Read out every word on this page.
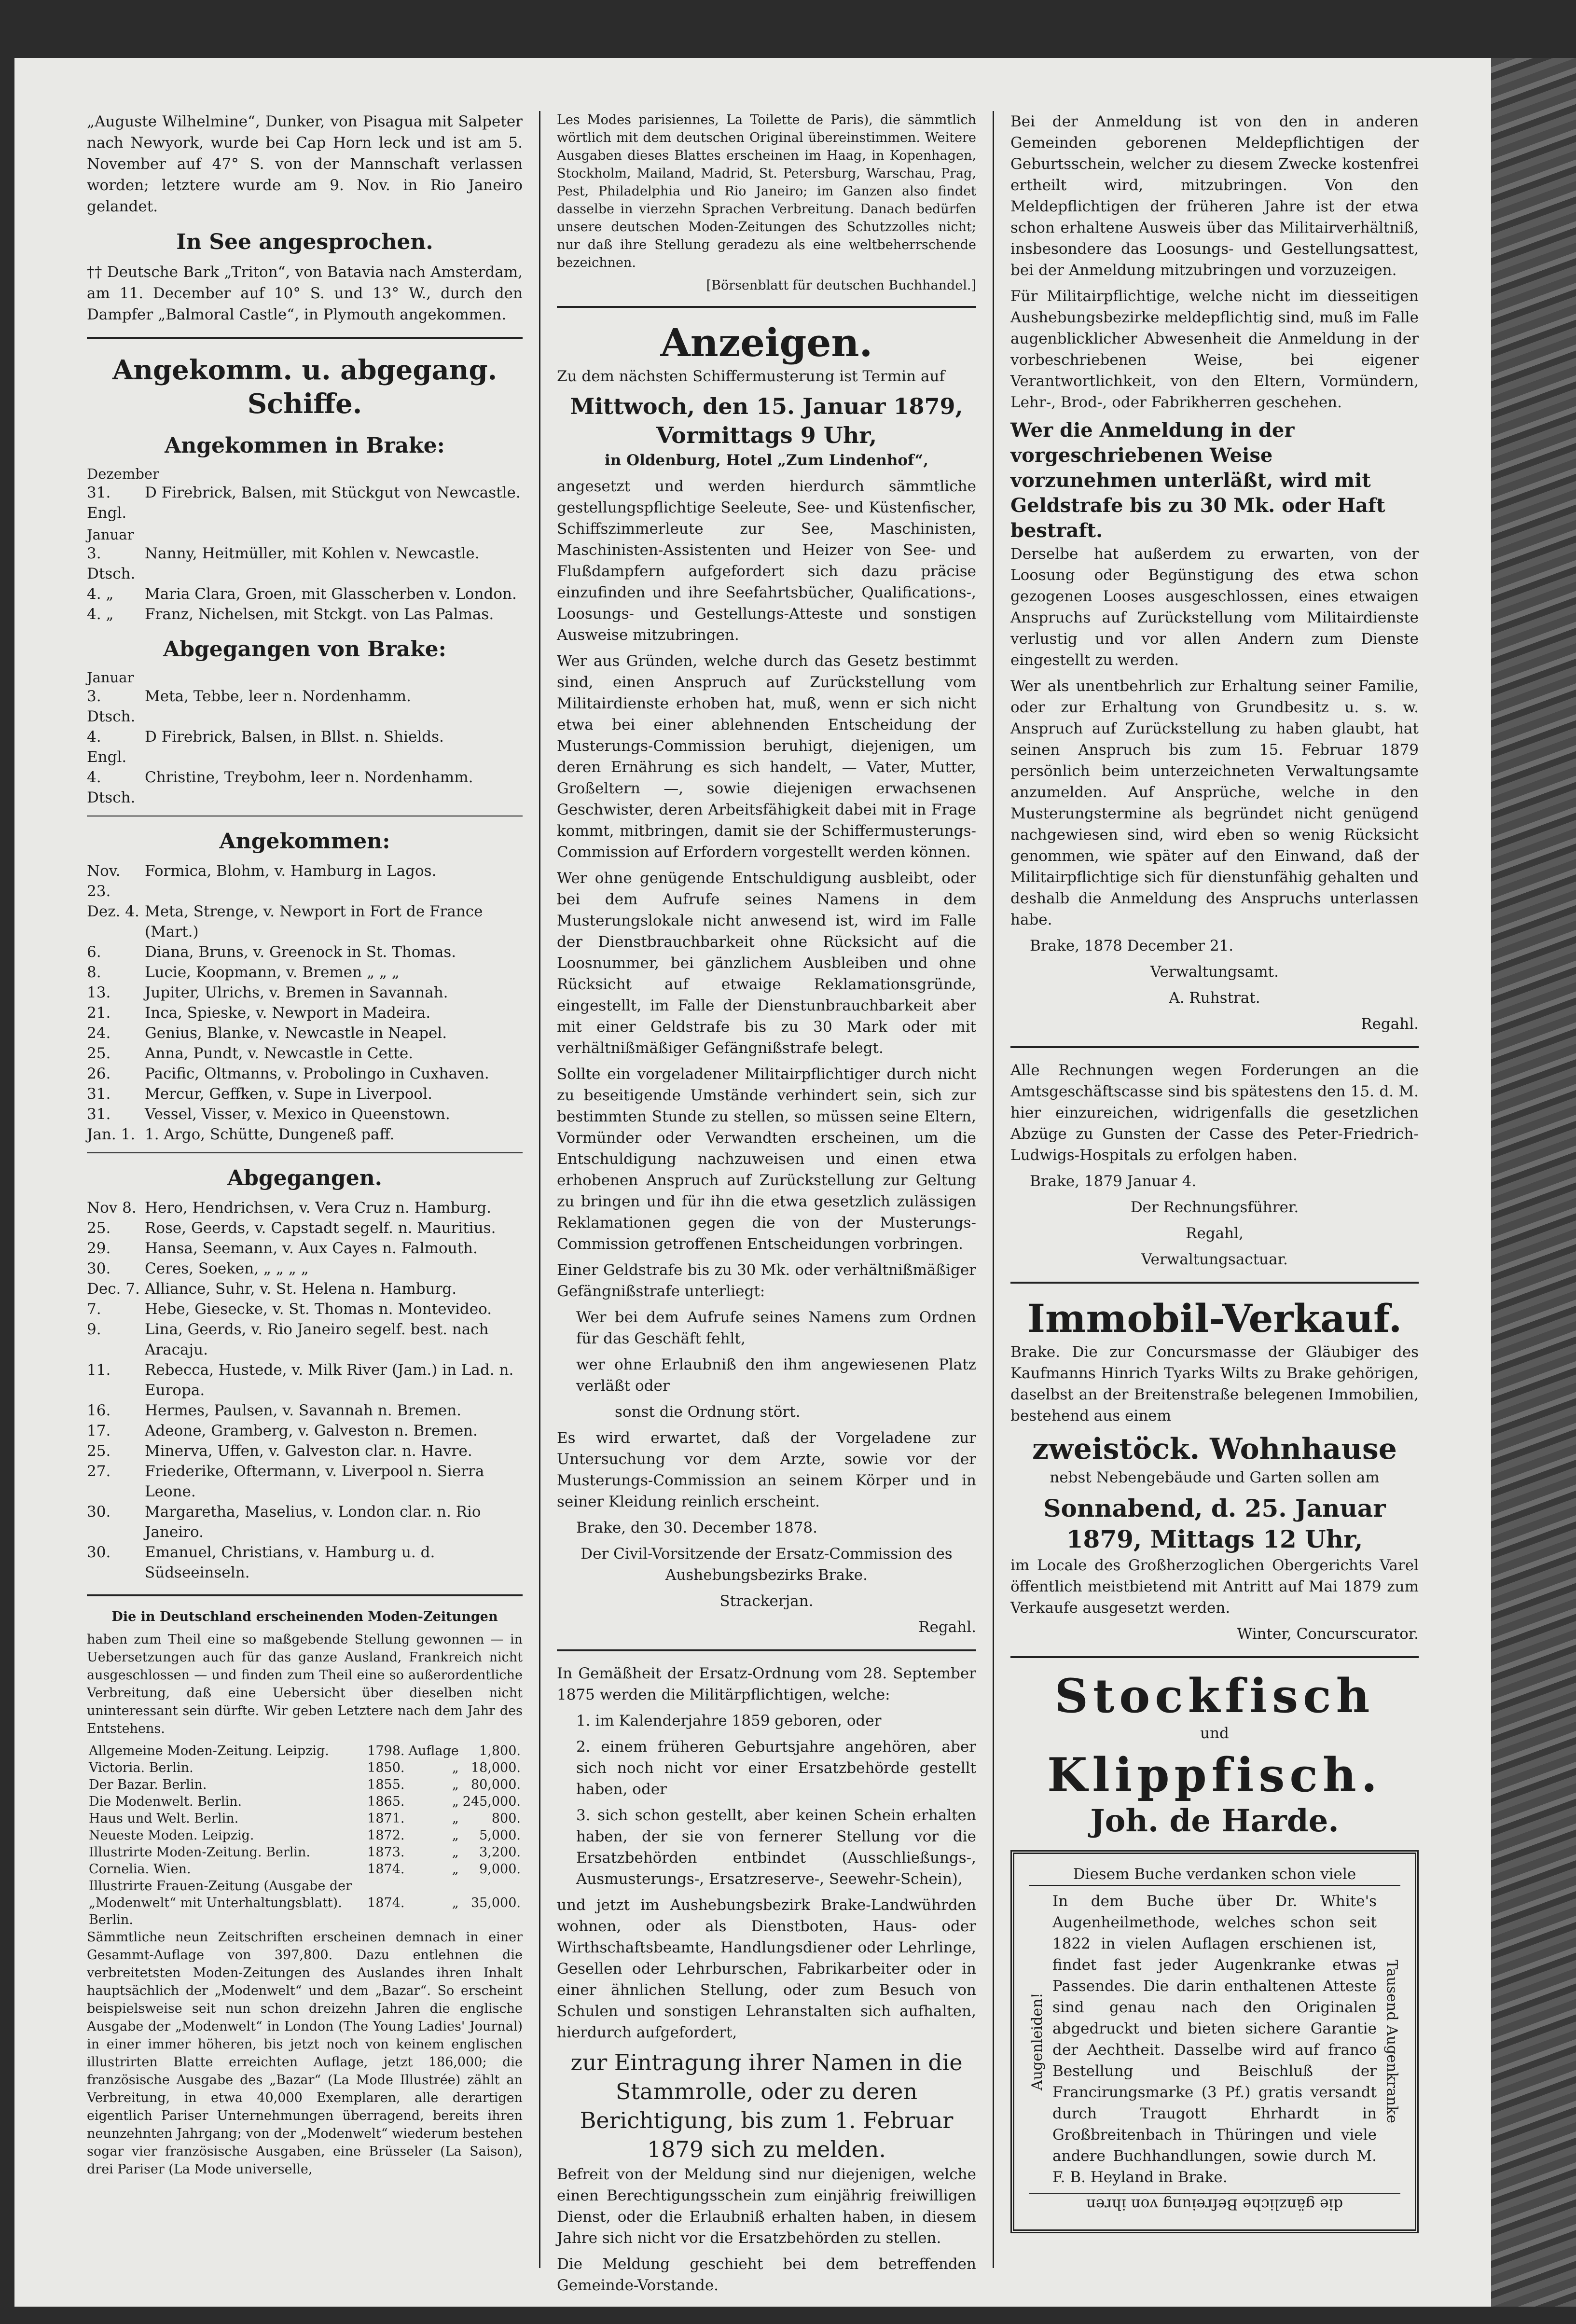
„Auguste Wilhelmine“, Dunker, von Pisagua mit Salpeter nach Newyork, wurde bei Cap Horn leck und ist am 5. November auf 47° S. von der Mannschaft verlassen worden; letztere wurde am 9. Nov. in Rio Janeiro gelandet.

In See angesprochen.

†† Deutsche Bark „Triton“, von Batavia nach Amsterdam, am 11. December auf 10° S. und 13° W., durch den Dampfer „Balmoral Castle“, in Plymouth angekommen.

Angekomm. u. abgegang. Schiffe.
Angekommen in Brake:
Dezember
31. Engl.
D Firebrick, Balsen, mit Stückgut von Newcastle.
Januar
3. Dtsch.
Nanny, Heitmüller, mit Kohlen v. Newcastle.
4. „	Maria Clara, Groen, mit Glasscherben v. London.
4. „	Franz, Nichelsen, mit Stckgt. von Las Palmas.
Abgegangen von Brake:
Januar
3. Dtsch.
Meta, Tebbe, leer n. Nordenhamm.
4. Engl.
D Firebrick, Balsen, in Bllst. n. Shields.
4. Dtsch.
Christine, Treybohm, leer n. Nordenhamm.
Angekommen:
Nov. 23.
Formica, Blohm, v. Hamburg in Lagos.
Dez. 4. Meta, Strenge, v. Newport in Fort de France (Mart.)
6.	Diana, Bruns, v. Greenock in St. Thomas.
8.	Lucie, Koopmann, v. Bremen „ „ „
13.	Jupiter, Ulrichs, v. Bremen in Savannah.
21.	Inca, Spieske, v. Newport in Madeira.
24.	Genius, Blanke, v. Newcastle in Neapel.
25.	Anna, Pundt, v. Newcastle in Cette.
26.	Pacific, Oltmanns, v. Probolingo in Cuxhaven.
31.	Mercur, Geffken, v. Supe in Liverpool.
31.	Vessel, Visser, v. Mexico in Queenstown.
Jan. 1. 1. Argo, Schütte, Dungeneß paff.
Abgegangen.
Nov 8. Hero, Hendrichsen, v. Vera Cruz n. Hamburg.
25.	Rose, Geerds, v. Capstadt segelf. n. Mauritius.
29.	Hansa, Seemann, v. Aux Cayes n. Falmouth.
30.	Ceres, Soeken, „ „ „ „
Dec. 7. Alliance, Suhr, v. St. Helena n. Hamburg.
7.	Hebe, Giesecke, v. St. Thomas n. Montevideo.
9.	Lina, Geerds, v. Rio Janeiro segelf. best. nach Aracaju.
11.	Rebecca, Hustede, v. Milk River (Jam.) in Lad. n. Europa.
16.	Hermes, Paulsen, v. Savannah n. Bremen.
17.	Adeone, Gramberg, v. Galveston n. Bremen.
25.	Minerva, Uffen, v. Galveston clar. n. Havre.
27.	Friederike, Oftermann, v. Liverpool n. Sierra Leone.
30.	Margaretha, Maselius, v. London clar. n. Rio Janeiro.
30.	Emanuel, Christians, v. Hamburg u. d. Südseeinseln.

Die in Deutschland erscheinenden Moden-Zeitungen

haben zum Theil eine so maßgebende Stellung gewonnen — in Uebersetzungen auch für das ganze Ausland, Frankreich nicht ausgeschlossen — und finden zum Theil eine so außerordentliche Verbreitung, daß eine Uebersicht über dieselben nicht uninteressant sein dürfte. Wir geben Letztere nach dem Jahr des Entstehens.

Allgemeine Moden-Zeitung. Leipzig.	1798.	Auflage	1,800.
Victoria. Berlin.	1850.	„	18,000.
Der Bazar. Berlin.	1855.	„	80,000.
Die Modenwelt. Berlin.	1865.	„	245,000.
Haus und Welt. Berlin.	1871.	„	800.
Neueste Moden. Leipzig.	1872.	„	5,000.
Illustrirte Moden-Zeitung. Berlin.	1873.	„	3,200.
Cornelia. Wien.	1874.	„	9,000.
Illustrirte Frauen-Zeitung (Ausgabe der „Modenwelt“ mit Unterhaltungsblatt). Berlin.	1874.	„	35,000.

Sämmtliche neun Zeitschriften erscheinen demnach in einer Gesammt-Auflage von 397,800. Dazu entlehnen die verbreitetsten Moden-Zeitungen des Auslandes ihren Inhalt hauptsächlich der „Modenwelt“ und dem „Bazar“. So erscheint beispielsweise seit nun schon dreizehn Jahren die englische Ausgabe der „Modenwelt“ in London (The Young Ladies' Journal) in einer immer höheren, bis jetzt noch von keinem englischen illustrirten Blatte erreichten Auflage, jetzt 186,000; die französische Ausgabe des „Bazar“ (La Mode Illustrée) zählt an Verbreitung, in etwa 40,000 Exemplaren, alle derartigen eigentlich Pariser Unternehmungen überragend, bereits ihren neunzehnten Jahrgang; von der „Modenwelt“ wiederum bestehen sogar vier französische Ausgaben, eine Brüsseler (La Saison), drei Pariser (La Mode universelle,

Les Modes parisiennes, La Toilette de Paris), die sämmtlich wörtlich mit dem deutschen Original übereinstimmen. Weitere Ausgaben dieses Blattes erscheinen im Haag, in Kopenhagen, Stockholm, Mailand, Madrid, St. Petersburg, Warschau, Prag, Pest, Philadelphia und Rio Janeiro; im Ganzen also findet dasselbe in vierzehn Sprachen Verbreitung. Danach bedürfen unsere deutschen Moden-Zeitungen des Schutzzolles nicht; nur daß ihre Stellung geradezu als eine weltbeherrschende bezeichnen.

[Börsenblatt für deutschen Buchhandel.]

Anzeigen.

Zu dem nächsten Schiffermusterung ist Termin auf

Mittwoch, den 15. Januar 1879, Vormittags 9 Uhr,

in Oldenburg, Hotel „Zum Lindenhof“,

angesetzt und werden hierdurch sämmtliche gestellungspflichtige Seeleute, See- und Küstenfischer, Schiffszimmerleute zur See, Maschinisten, Maschinisten-Assistenten und Heizer von See- und Flußdampfern aufgefordert sich dazu präcise einzufinden und ihre Seefahrtsbücher, Qualifications-, Loosungs- und Gestellungs-Atteste und sonstigen Ausweise mitzubringen.

Wer aus Gründen, welche durch das Gesetz bestimmt sind, einen Anspruch auf Zurückstellung vom Militairdienste erhoben hat, muß, wenn er sich nicht etwa bei einer ablehnenden Entscheidung der Musterungs-Commission beruhigt, diejenigen, um deren Ernährung es sich handelt, — Vater, Mutter, Großeltern —, sowie diejenigen erwachsenen Geschwister, deren Arbeitsfähigkeit dabei mit in Frage kommt, mitbringen, damit sie der Schiffermusterungs-Commission auf Erfordern vorgestellt werden können.

Wer ohne genügende Entschuldigung ausbleibt, oder bei dem Aufrufe seines Namens in dem Musterungslokale nicht anwesend ist, wird im Falle der Dienstbrauchbarkeit ohne Rücksicht auf die Loosnummer, bei gänzlichem Ausbleiben und ohne Rücksicht auf etwaige Reklamationsgründe, eingestellt, im Falle der Dienstunbrauchbarkeit aber mit einer Geldstrafe bis zu 30 Mark oder mit verhältnißmäßiger Gefängnißstrafe belegt.

Sollte ein vorgeladener Militairpflichtiger durch nicht zu beseitigende Umstände verhindert sein, sich zur bestimmten Stunde zu stellen, so müssen seine Eltern, Vormünder oder Verwandten erscheinen, um die Entschuldigung nachzuweisen und einen etwa erhobenen Anspruch auf Zurückstellung zur Geltung zu bringen und für ihn die etwa gesetzlich zulässigen Reklamationen gegen die von der Musterungs-Commission getroffenen Entscheidungen vorbringen.

Einer Geldstrafe bis zu 30 Mk. oder verhältnißmäßiger Gefängnißstrafe unterliegt:

Wer bei dem Aufrufe seines Namens zum Ordnen für das Geschäft fehlt,

wer ohne Erlaubniß den ihm angewiesenen Platz verläßt oder

sonst die Ordnung stört.

Es wird erwartet, daß der Vorgeladene zur Untersuchung vor dem Arzte, sowie vor der Musterungs-Commission an seinem Körper und in seiner Kleidung reinlich erscheint.

Brake, den 30. December 1878.

Der Civil-Vorsitzende der Ersatz-Commission des Aushebungsbezirks Brake.

Strackerjan.

Regahl.

In Gemäßheit der Ersatz-Ordnung vom 28. September 1875 werden die Militärpflichtigen, welche:

1. im Kalenderjahre 1859 geboren, oder

2. einem früheren Geburtsjahre angehören, aber sich noch nicht vor einer Ersatzbehörde gestellt haben, oder

3. sich schon gestellt, aber keinen Schein erhalten haben, der sie von fernerer Stellung vor die Ersatzbehörden entbindet (Ausschließungs-, Ausmusterungs-, Ersatzreserve-, Seewehr-Schein),

und jetzt im Aushebungsbezirk Brake-Landwührden wohnen, oder als Dienstboten, Haus- oder Wirthschaftsbeamte, Handlungsdiener oder Lehrlinge, Gesellen oder Lehrburschen, Fabrikarbeiter oder in einer ähnlichen Stellung, oder zum Besuch von Schulen und sonstigen Lehranstalten sich aufhalten, hierdurch aufgefordert,

zur Eintragung ihrer Namen in die Stammrolle, oder zu deren Berichtigung, bis zum 1. Februar 1879 sich zu melden.

Befreit von der Meldung sind nur diejenigen, welche einen Berechtigungsschein zum einjährig freiwilligen Dienst, oder die Erlaubniß erhalten haben, in diesem Jahre sich nicht vor die Ersatzbehörden zu stellen.

Die Meldung geschieht bei dem betreffenden Gemeinde-Vorstande.

Bei der Anmeldung ist von den in anderen Gemeinden geborenen Meldepflichtigen der Geburtsschein, welcher zu diesem Zwecke kostenfrei ertheilt wird, mitzubringen. Von den Meldepflichtigen der früheren Jahre ist der etwa schon erhaltene Ausweis über das Militairverhältniß, insbesondere das Loosungs- und Gestellungsattest, bei der Anmeldung mitzubringen und vorzuzeigen.

Für Militairpflichtige, welche nicht im diesseitigen Aushebungsbezirke meldepflichtig sind, muß im Falle augenblicklicher Abwesenheit die Anmeldung in der vorbeschriebenen Weise, bei eigener Verantwortlichkeit, von den Eltern, Vormündern, Lehr-, Brod-, oder Fabrikherren geschehen.

Wer die Anmeldung in der vorgeschriebenen Weise vorzunehmen unterläßt, wird mit Geldstrafe bis zu 30 Mk. oder Haft bestraft.

Derselbe hat außerdem zu erwarten, von der Loosung oder Begünstigung des etwa schon gezogenen Looses ausgeschlossen, eines etwaigen Anspruchs auf Zurückstellung vom Militairdienste verlustig und vor allen Andern zum Dienste eingestellt zu werden.

Wer als unentbehrlich zur Erhaltung seiner Familie, oder zur Erhaltung von Grundbesitz u. s. w. Anspruch auf Zurückstellung zu haben glaubt, hat seinen Anspruch bis zum 15. Februar 1879 persönlich beim unterzeichneten Verwaltungsamte anzumelden. Auf Ansprüche, welche in den Musterungstermine als begründet nicht genügend nachgewiesen sind, wird eben so wenig Rücksicht genommen, wie später auf den Einwand, daß der Militairpflichtige sich für dienstunfähig gehalten und deshalb die Anmeldung des Anspruchs unterlassen habe.

Brake, 1878 December 21.

Verwaltungsamt.

A. Ruhstrat.

Regahl.

Alle Rechnungen wegen Forderungen an die Amtsgeschäftscasse sind bis spätestens den 15. d. M. hier einzureichen, widrigenfalls die gesetzlichen Abzüge zu Gunsten der Casse des Peter-Friedrich-Ludwigs-Hospitals zu erfolgen haben.

Brake, 1879 Januar 4.

Der Rechnungsführer.

Regahl,

Verwaltungsactuar.

Immobil-Verkauf.

Brake. Die zur Concursmasse der Gläubiger des Kaufmanns Hinrich Tyarks Wilts zu Brake gehörigen, daselbst an der Breitenstraße belegenen Immobilien, bestehend aus einem

zweistöck. Wohnhause

nebst Nebengebäude und Garten sollen am

Sonnabend, d. 25. Januar 1879, Mittags 12 Uhr,

im Locale des Großherzoglichen Obergerichts Varel öffentlich meistbietend mit Antritt auf Mai 1879 zum Verkaufe ausgesetzt werden.

Winter, Concurscurator.

Stockfisch

und

Klippfisch.
Joh. de Harde.

Diesem Buche verdanken schon viele

Augenleiden!

In dem Buche über Dr. White's Augenheilmethode, welches schon seit 1822 in vielen Auflagen erschienen ist, findet fast jeder Augenkranke etwas Passendes. Die darin enthaltenen Atteste sind genau nach den Originalen abgedruckt und bieten sichere Garantie der Aechtheit. Dasselbe wird auf franco Bestellung und Beischluß der Francirungsmarke (3 Pf.) gratis versandt durch Traugott Ehrhardt in Großbreitenbach in Thüringen und viele andere Buchhandlungen, sowie durch M. F. B. Heyland in Brake.

Tausend Augenkranke

die gänzliche Befreiung von ihren
